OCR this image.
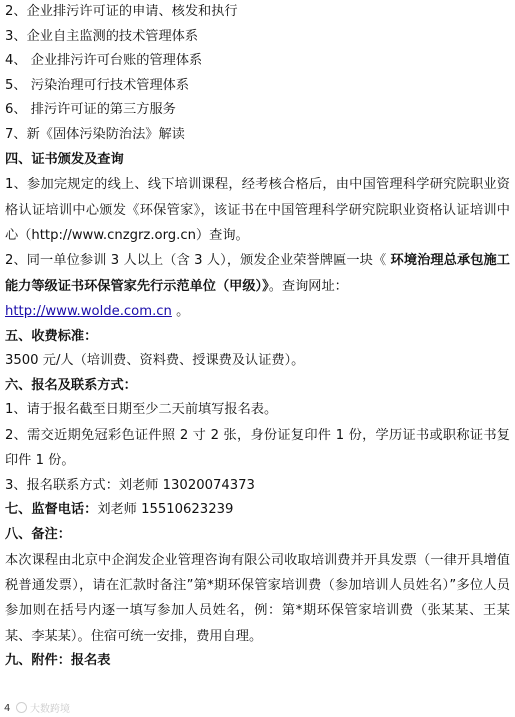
2、企业排污许可证的申请、核发和执行
3、企业自主监测的技术管理体系
4、 企业排污许可台账的管理体系
5、 污染治理可行技术管理体系
6、 排污许可证的第三方服务
7、新《固体污染防治法》解读
四、证书颁发及查询
1、参加完规定的线上、线下培训课程，经考核合格后，由中国管理科学研究院职业资格认证培训中心颁发《环保管家》，该证书在中国管理科学研究院职业资格认证培训中心（http://www.cnzgrz.org.cn）查询。
2、同一单位参训 3 人以上（含 3 人），颁发企业荣誉牌匾一块《 环境治理总承包施工能力等级证书环保管家先行示范单位（甲级）》。查询网址：
http://www.wolde.com.cn 。
五、收费标准：
3500 元/人（培训费、资料费、授课费及认证费）。
六、报名及联系方式：
1、请于报名截至日期至少二天前填写报名表。
2、需交近期免冠彩色证件照 2 寸 2 张，身份证复印件 1 份，学历证书或职称证书复印件 1 份。
3、报名联系方式：刘老师 13020074373
七、监督电话：刘老师 15510623239
八、备注：
本次课程由北京中企润发企业管理咨询有限公司收取培训费并开具发票（一律开具增值税普通发票），请在汇款时备注”第*期环保管家培训费（参加培训人员姓名）”多位人员参加则在括号内逐一填写参加人员姓名，例：第*期环保管家培训费（张某某、王某某、李某某）。住宿可统一安排，费用自理。
九、附件：报名表
4	大数跨境
